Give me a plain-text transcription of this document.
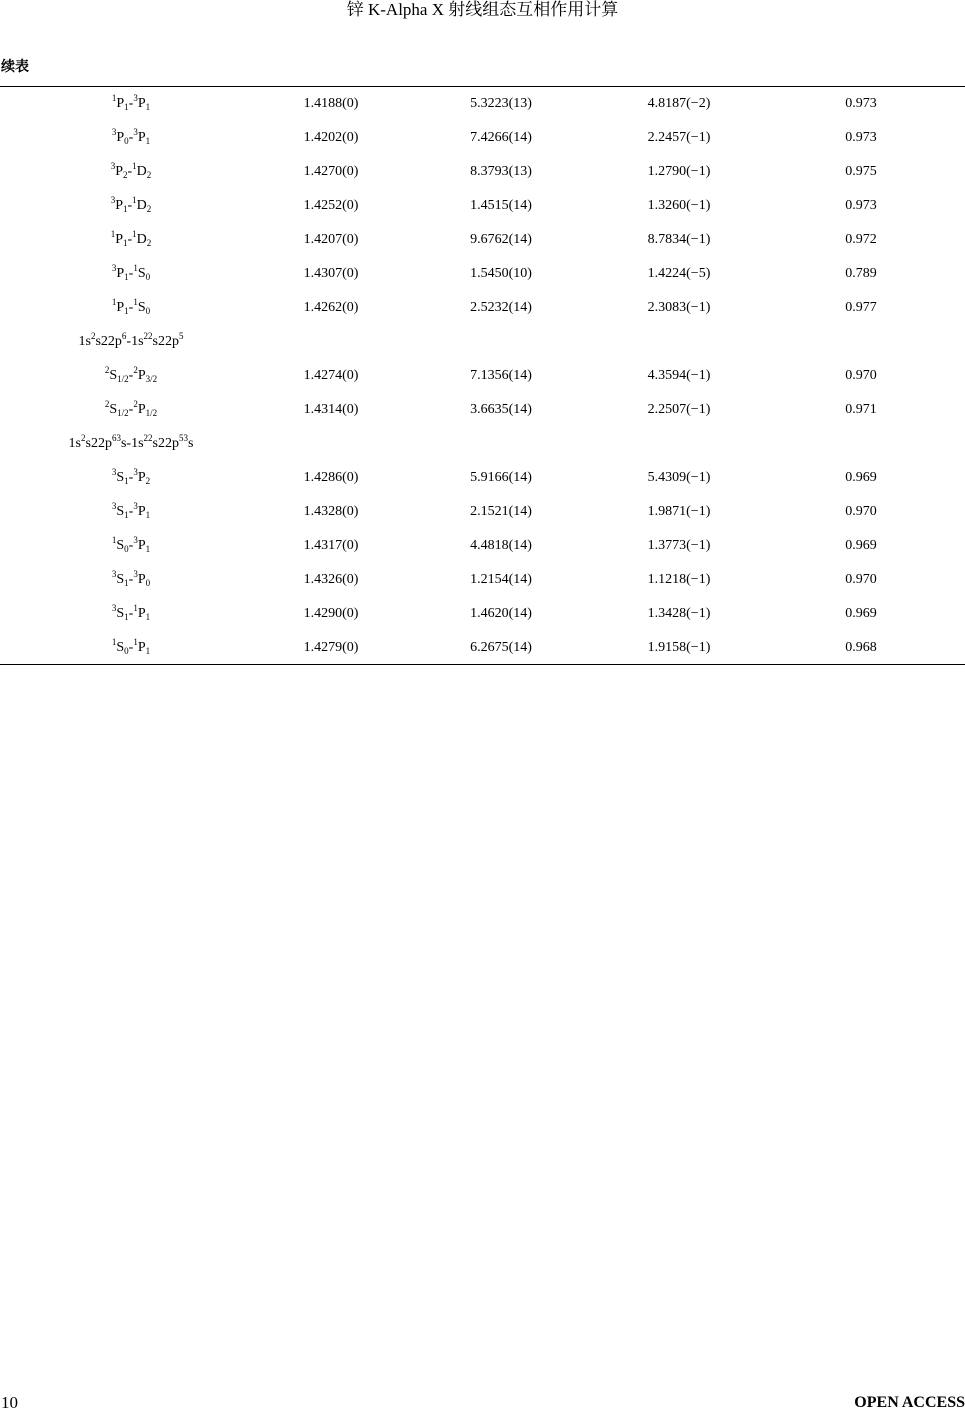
锌 K-Alpha X 射线组态互相作用计算
续表
$^1P_1-^3P_1$	1.4188(0)	5.3223(13)	4.8187(−2)	0.973
$^3P_0-^3P_1$	1.4202(0)	7.4266(14)	2.2457(−1)	0.973
$^3P_2-^1D_2$	1.4270(0)	8.3793(13)	1.2790(−1)	0.975
$^3P_1-^1D_2$	1.4252(0)	1.4515(14)	1.3260(−1)	0.973
$^1P_1-^1D_2$	1.4207(0)	9.6762(14)	8.7834(−1)	0.972
$^3P_1-^1S_0$	1.4307(0)	1.5450(10)	1.4224(−5)	0.789
$^1P_1-^1S_0$	1.4262(0)	2.5232(14)	2.3083(−1)	0.977
$1s^2s22p^6-1s^{22}s22p^5$
$^2S_{1/2}-^2P_{3/2}$	1.4274(0)	7.1356(14)	4.3594(−1)	0.970
$^2S_{1/2}-^2P_{1/2}$	1.4314(0)	3.6635(14)	2.2507(−1)	0.971
$1s^2s22p^{63}s-1s^{22}s22p^{53}s$
$^3S_1-^3P_2$	1.4286(0)	5.9166(14)	5.4309(−1)	0.969
$^3S_1-^3P_1$	1.4328(0)	2.1521(14)	1.9871(−1)	0.970
$^1S_0-^3P_1$	1.4317(0)	4.4818(14)	1.3773(−1)	0.969
$^3S_1-^3P_0$	1.4326(0)	1.2154(14)	1.1218(−1)	0.970
$^3S_1-^1P_1$	1.4290(0)	1.4620(14)	1.3428(−1)	0.969
$^1S_0-^1P_1$	1.4279(0)	6.2675(14)	1.9158(−1)	0.968
10	OPEN ACCESS
